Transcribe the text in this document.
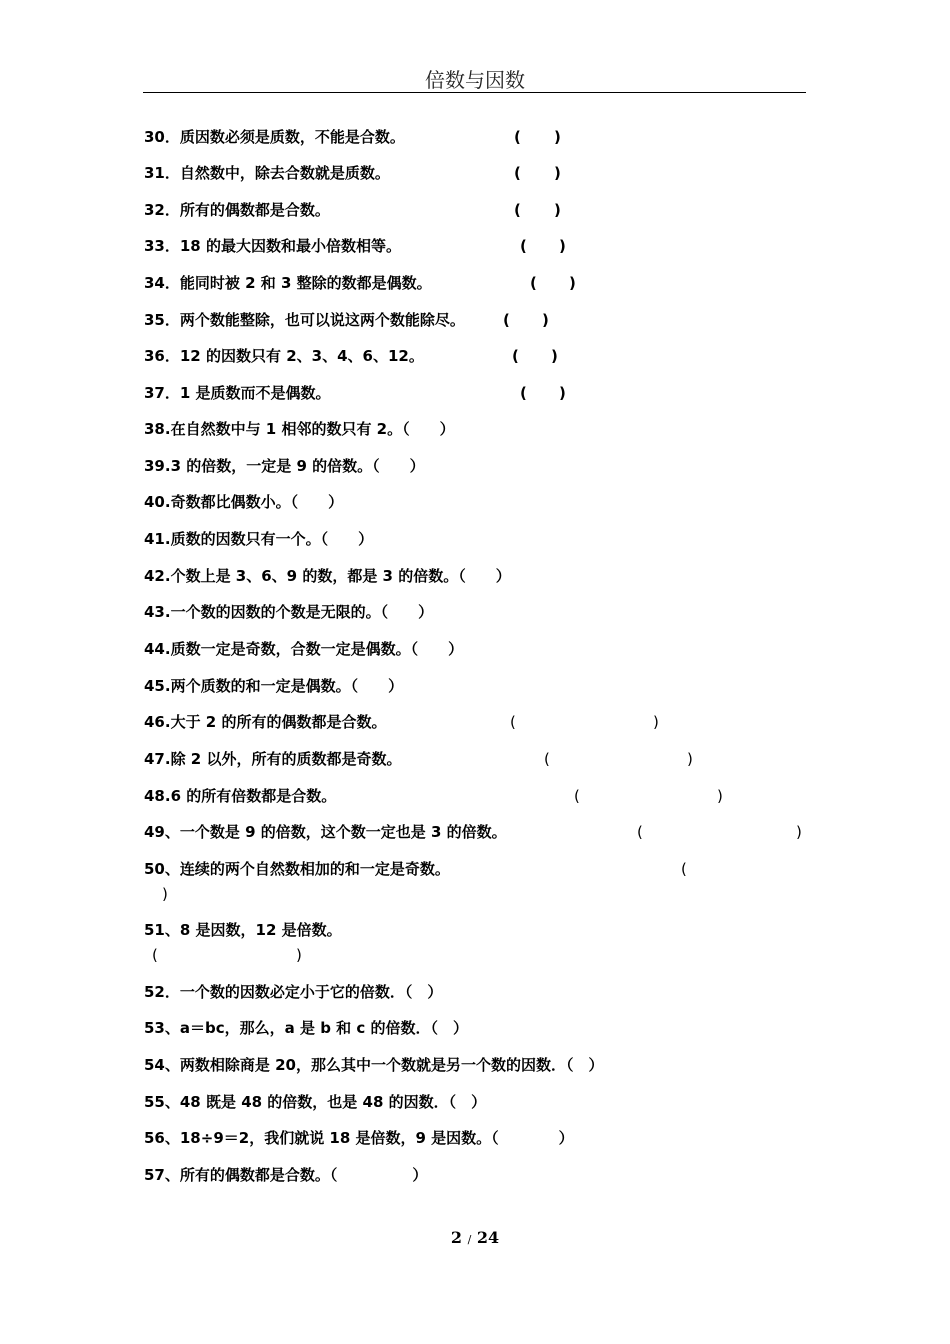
倍数与因数
30．质因数必须是质数，不能是合数。	( )
31．自然数中，除去合数就是质数。	( )
32．所有的偶数都是合数。	( )
33．18 的最大因数和最小倍数相等。	( )
34．能同时被 2 和 3 整除的数都是偶数。	( )
35．两个数能整除，也可以说这两个数能除尽。	( )
36．12 的因数只有 2、3、4、6、12。	( )
37．1 是质数而不是偶数。	( )
38.在自然数中与 1 相邻的数只有 2。（　　）
39.3 的倍数，一定是 9 的倍数。（　　）
40.奇数都比偶数小。（　　）
41.质数的因数只有一个。（　　）
42.个数上是 3、6、9 的数，都是 3 的倍数。（　　）
43.一个数的因数的个数是无限的。（　　）
44.质数一定是奇数，合数一定是偶数。（　　）
45.两个质数的和一定是偶数。（　　）
46.大于 2 的所有的偶数都是合数。	(	)
47.除 2 以外，所有的质数都是奇数。	(	)
48.6 的所有倍数都是合数。	(	)
49、一个数是 9 的倍数，这个数一定也是 3 的倍数。	(	)
50、连续的两个自然数相加的和一定是奇数。	(
)
51、8 是因数，12 是倍数。
(	)
52．一个数的因数必定小于它的倍数．（　）
53、a＝bc，那么，a 是 b 和 c 的倍数．（　）
54、两数相除商是 20，那么其中一个数就是另一个数的因数．（　）
55、48 既是 48 的倍数，也是 48 的因数．（　）
56、18÷9＝2，我们就说 18 是倍数，9 是因数。（　　　　）
57、所有的偶数都是合数。（　　　　　）
2 / 24
